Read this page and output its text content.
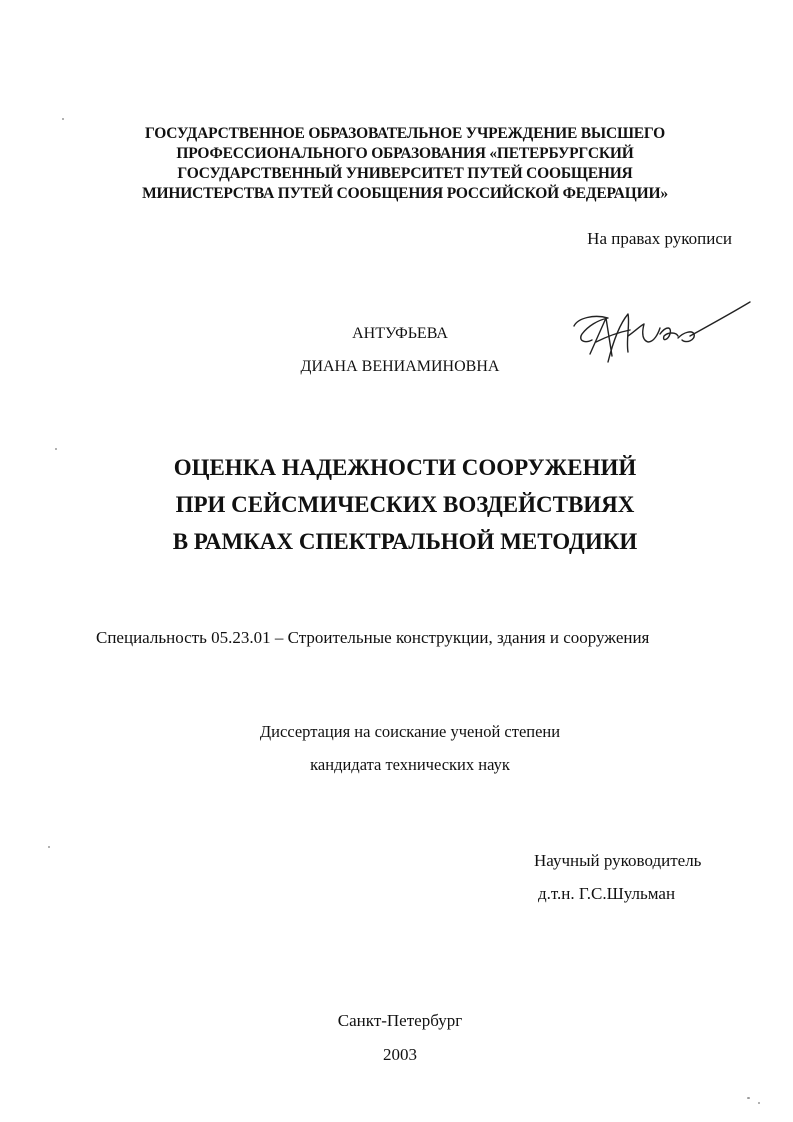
ГОСУДАРСТВЕННОЕ ОБРАЗОВАТЕЛЬНОЕ УЧРЕЖДЕНИЕ ВЫСШЕГО
ПРОФЕССИОНАЛЬНОГО ОБРАЗОВАНИЯ «ПЕТЕРБУРГСКИЙ
ГОСУДАРСТВЕННЫЙ УНИВЕРСИТЕТ ПУТЕЙ СООБЩЕНИЯ
МИНИСТЕРСТВА ПУТЕЙ СООБЩЕНИЯ РОССИЙСКОЙ ФЕДЕРАЦИИ»

На правах рукописи

АНТУФЬЕВА

ДИАНА ВЕНИАМИНОВНА

ОЦЕНКА НАДЕЖНОСТИ СООРУЖЕНИЙ
ПРИ СЕЙСМИЧЕСКИХ ВОЗДЕЙСТВИЯХ
В РАМКАХ СПЕКТРАЛЬНОЙ МЕТОДИКИ

Специальность 05.23.01 – Строительные конструкции, здания и сооружения

Диссертация на соискание ученой степени

кандидата технических наук

Научный руководитель

д.т.н. Г.С.Шульман

Санкт-Петербург

2003
